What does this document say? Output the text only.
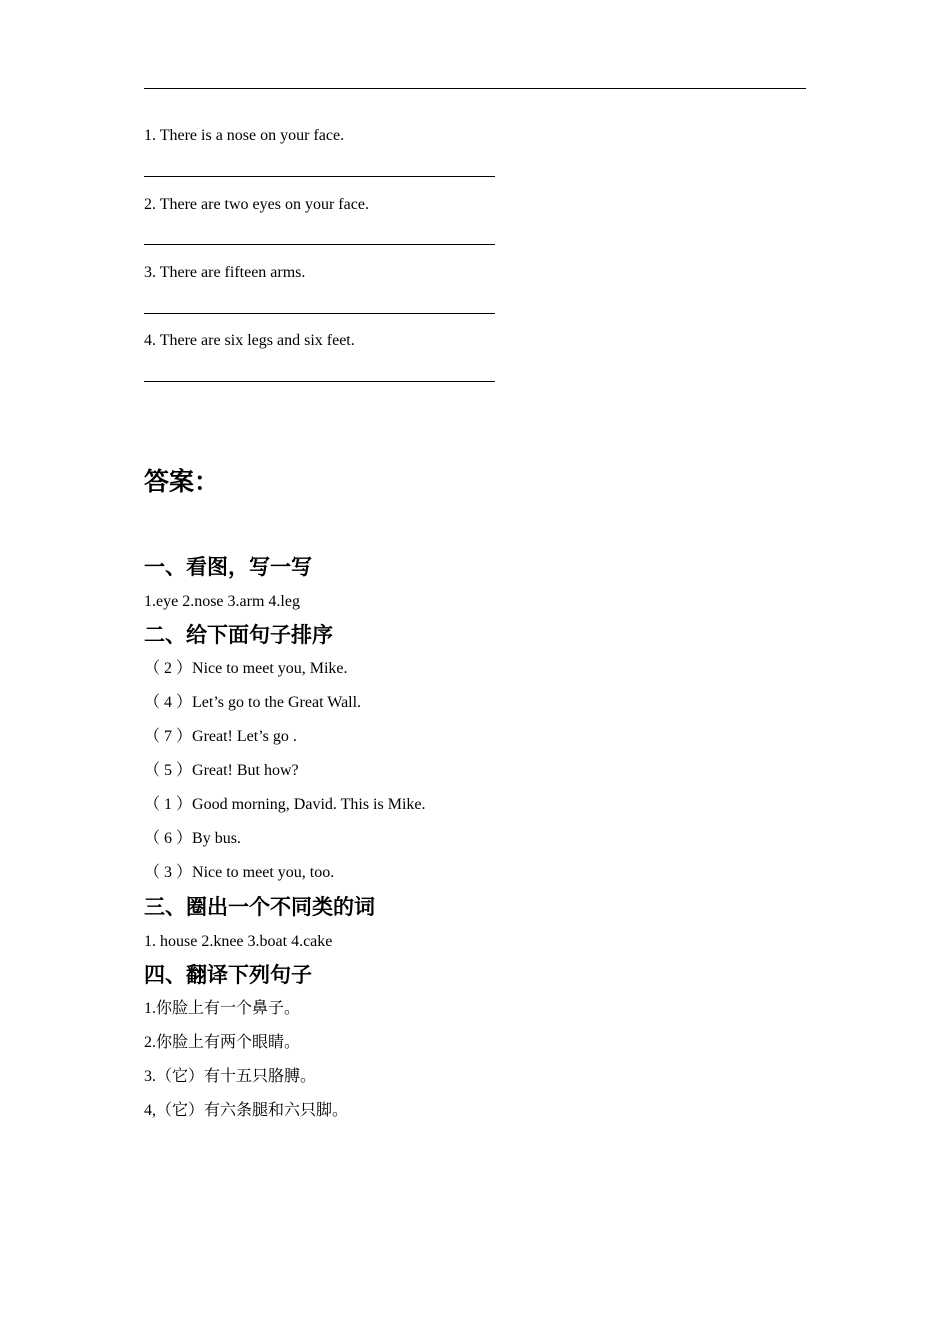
1. There is a nose on your face.
2. There are two eyes on your face.
3. There are fifteen arms.
4. There are six legs and six feet.
答案：
一、看图，写一写
1.eye 2.nose 3.arm 4.leg
二、给下面句子排序
（ 2 ）Nice to meet you, Mike.
（ 4 ）Let’s go to the Great Wall.
（ 7 ）Great! Let’s go .
（ 5 ）Great! But how?
（ 1 ）Good morning, David. This is Mike.
（ 6 ）By bus.
（ 3 ）Nice to meet you, too.
三、圈出一个不同类的词
1. house 2.knee 3.boat 4.cake
四、翻译下列句子
1.你脸上有一个鼻子。
2.你脸上有两个眼睛。
3.（它）有十五只胳膊。
4,（它）有六条腿和六只脚。
